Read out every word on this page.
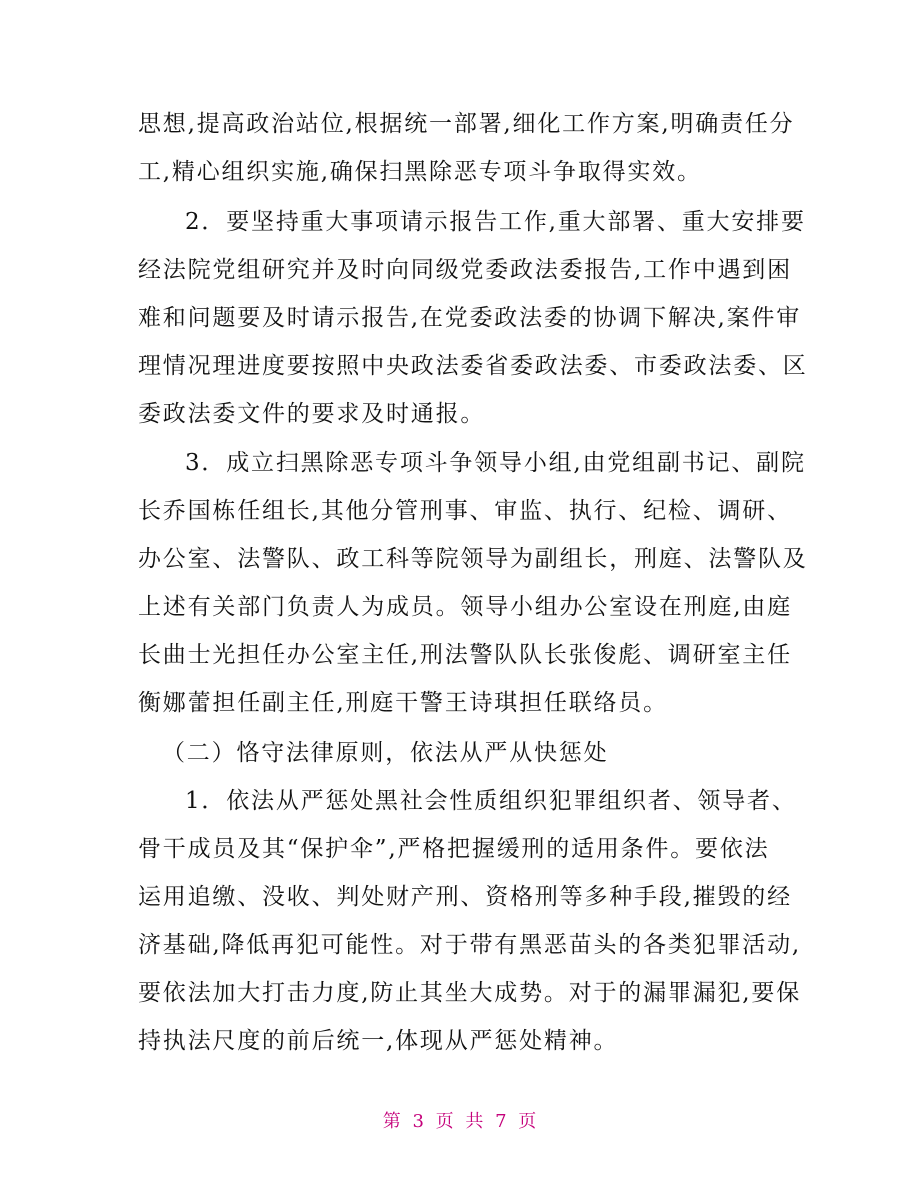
思想,提高政治站位,根据统一部署,细化工作方案,明确责任分
工,精心组织实施,确保扫黑除恶专项斗争取得实效。
2．要坚持重大事项请示报告工作,重大部署、重大安排要
经法院党组研究并及时向同级党委政法委报告,工作中遇到困
难和问题要及时请示报告,在党委政法委的协调下解决,案件审
理情况理进度要按照中央政法委省委政法委、市委政法委、区
委政法委文件的要求及时通报。
3．成立扫黑除恶专项斗争领导小组,由党组副书记、副院
长乔国栋任组长,其他分管刑事、审监、执行、纪检、调研、
办公室、法警队、政工科等院领导为副组长，刑庭、法警队及
上述有关部门负责人为成员。领导小组办公室设在刑庭,由庭
长曲士光担任办公室主任,刑法警队队长张俊彪、调研室主任
衡娜蕾担任副主任,刑庭干警王诗琪担任联络员。
（二）恪守法律原则，依法从严从快惩处
1．依法从严惩处黑社会性质组织犯罪组织者、领导者、
骨干成员及其“保护伞”,严格把握缓刑的适用条件。要依法
运用追缴、没收、判处财产刑、资格刑等多种手段,摧毁的经
济基础,降低再犯可能性。对于带有黑恶苗头的各类犯罪活动,
要依法加大打击力度,防止其坐大成势。对于的漏罪漏犯,要保
持执法尺度的前后统一,体现从严惩处精神。
第 3 页 共 7 页
